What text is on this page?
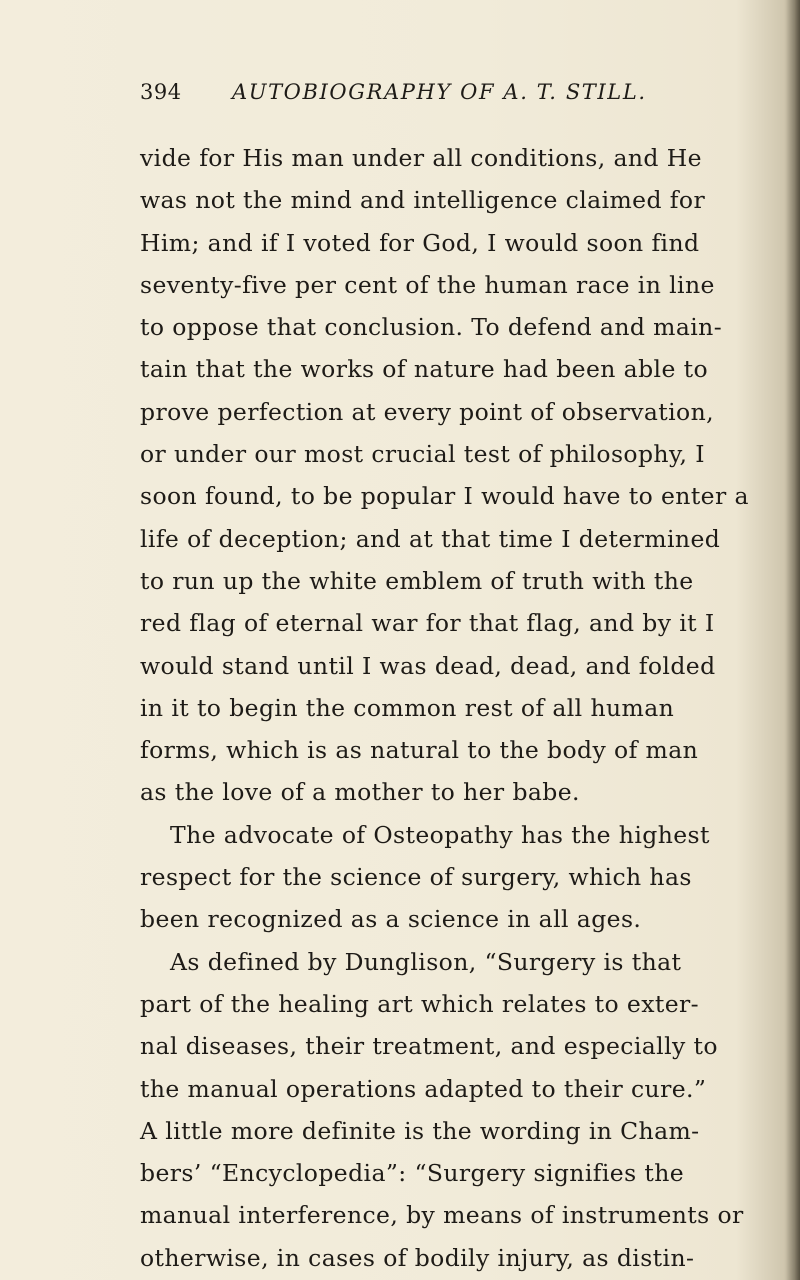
394 AUTOBIOGRAPHY OF A. T. STILL.
vide for His man under all conditions, and He
was not the mind and intelligence claimed for
Him; and if I voted for God, I would soon find
seventy-five per cent of the human race in line
to oppose that conclusion. To defend and main-
tain that the works of nature had been able to
prove perfection at every point of observation,
or under our most crucial test of philosophy, I
soon found, to be popular I would have to enter a
life of deception; and at that time I determined
to run up the white emblem of truth with the
red flag of eternal war for that flag, and by it I
would stand until I was dead, dead, and folded
in it to begin the common rest of all human
forms, which is as natural to the body of man
as the love of a mother to her babe.
The advocate of Osteopathy has the highest
respect for the science of surgery, which has
been recognized as a science in all ages.
As defined by Dunglison, “Surgery is that
part of the healing art which relates to exter-
nal diseases, their treatment, and especially to
the manual operations adapted to their cure.”
A little more definite is the wording in Cham-
bers’ “Encyclopedia”: “Surgery signifies the
manual interference, by means of instruments or
otherwise, in cases of bodily injury, as distin-
